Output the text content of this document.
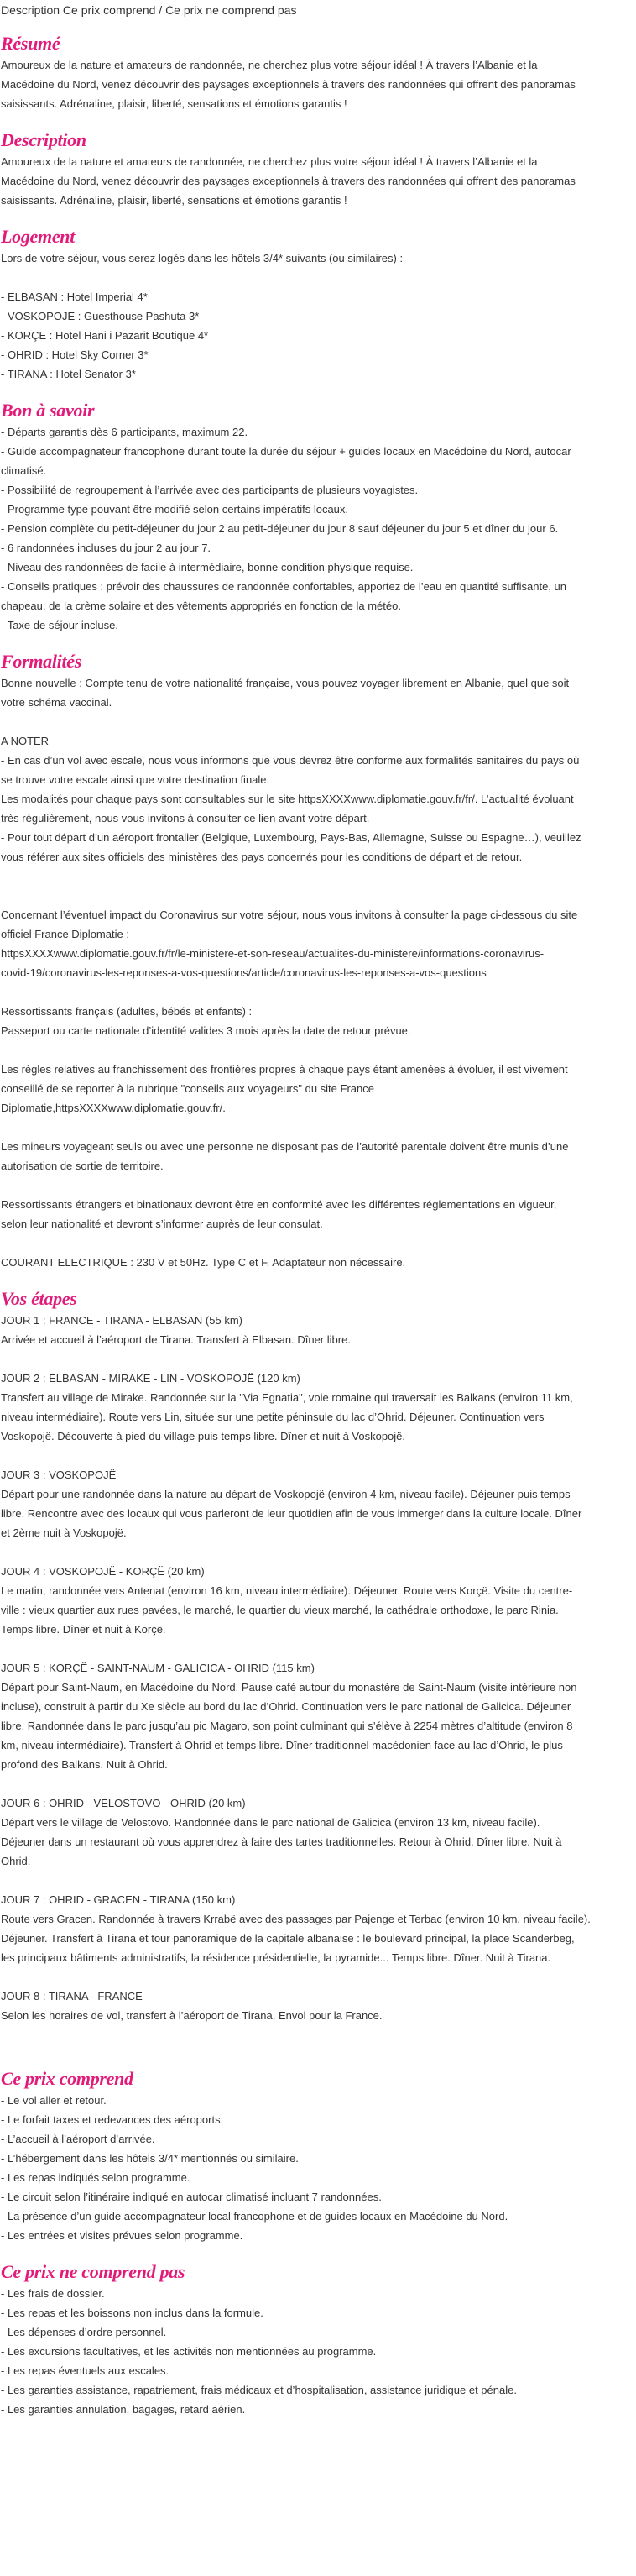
Description Ce prix comprend / Ce prix ne comprend pas
Résumé
Amoureux de la nature et amateurs de randonnée, ne cherchez plus votre séjour idéal ! À travers l’Albanie et la
Macédoine du Nord, venez découvrir des paysages exceptionnels à travers des randonnées qui offrent des panoramas
saisissants. Adrénaline, plaisir, liberté, sensations et émotions garantis !
Description
Amoureux de la nature et amateurs de randonnée, ne cherchez plus votre séjour idéal ! À travers l’Albanie et la
Macédoine du Nord, venez découvrir des paysages exceptionnels à travers des randonnées qui offrent des panoramas
saisissants. Adrénaline, plaisir, liberté, sensations et émotions garantis !
Logement
Lors de votre séjour, vous serez logés dans les hôtels 3/4* suivants (ou similaires) :
- ELBASAN : Hotel Imperial 4*
- VOSKOPOJE : Guesthouse Pashuta 3*
- KORÇE : Hotel Hani i Pazarit Boutique 4*
- OHRID : Hotel Sky Corner 3*
- TIRANA : Hotel Senator 3*
Bon à savoir
- Départs garantis dès 6 participants, maximum 22.
- Guide accompagnateur francophone durant toute la durée du séjour + guides locaux en Macédoine du Nord, autocar
climatisé.
- Possibilité de regroupement à l’arrivée avec des participants de plusieurs voyagistes.
- Programme type pouvant être modifié selon certains impératifs locaux.
- Pension complète du petit-déjeuner du jour 2 au petit-déjeuner du jour 8 sauf déjeuner du jour 5 et dîner du jour 6.
- 6 randonnées incluses du jour 2 au jour 7.
- Niveau des randonnées de facile à intermédiaire, bonne condition physique requise.
- Conseils pratiques : prévoir des chaussures de randonnée confortables, apportez de l’eau en quantité suffisante, un
chapeau, de la crème solaire et des vêtements appropriés en fonction de la météo.
- Taxe de séjour incluse.
Formalités
Bonne nouvelle : Compte tenu de votre nationalité française, vous pouvez voyager librement en Albanie, quel que soit
votre schéma vaccinal.
A NOTER
- En cas d’un vol avec escale, nous vous informons que vous devrez être conforme aux formalités sanitaires du pays où
se trouve votre escale ainsi que votre destination finale.
Les modalités pour chaque pays sont consultables sur le site httpsXXXXwww.diplomatie.gouv.fr/fr/. L’actualité évoluant
très régulièrement, nous vous invitons à consulter ce lien avant votre départ.
- Pour tout départ d’un aéroport frontalier (Belgique, Luxembourg, Pays-Bas, Allemagne, Suisse ou Espagne…), veuillez
vous référer aux sites officiels des ministères des pays concernés pour les conditions de départ et de retour.
Concernant l’éventuel impact du Coronavirus sur votre séjour, nous vous invitons à consulter la page ci-dessous du site
officiel France Diplomatie :
httpsXXXXwww.diplomatie.gouv.fr/fr/le-ministere-et-son-reseau/actualites-du-ministere/informations-coronavirus-
covid-19/coronavirus-les-reponses-a-vos-questions/article/coronavirus-les-reponses-a-vos-questions
Ressortissants français (adultes, bébés et enfants) :
Passeport ou carte nationale d’identité valides 3 mois après la date de retour prévue.
Les règles relatives au franchissement des frontières propres à chaque pays étant amenées à évoluer, il est vivement
conseillé de se reporter à la rubrique "conseils aux voyageurs" du site France
Diplomatie,httpsXXXXwww.diplomatie.gouv.fr/.
Les mineurs voyageant seuls ou avec une personne ne disposant pas de l’autorité parentale doivent être munis d’une
autorisation de sortie de territoire.
Ressortissants étrangers et binationaux devront être en conformité avec les différentes réglementations en vigueur,
selon leur nationalité et devront s’informer auprès de leur consulat.
COURANT ELECTRIQUE : 230 V et 50Hz. Type C et F. Adaptateur non nécessaire.
Vos étapes
JOUR 1 : FRANCE - TIRANA - ELBASAN (55 km)
Arrivée et accueil à l’aéroport de Tirana. Transfert à Elbasan. Dîner libre.
JOUR 2 : ELBASAN - MIRAKE - LIN - VOSKOPOJË (120 km)
Transfert au village de Mirake. Randonnée sur la "Via Egnatia", voie romaine qui traversait les Balkans (environ 11 km,
niveau intermédiaire). Route vers Lin, située sur une petite péninsule du lac d’Ohrid. Déjeuner. Continuation vers
Voskopojë. Découverte à pied du village puis temps libre. Dîner et nuit à Voskopojë.
JOUR 3 : VOSKOPOJË
Départ pour une randonnée dans la nature au départ de Voskopojë (environ 4 km, niveau facile). Déjeuner puis temps
libre. Rencontre avec des locaux qui vous parleront de leur quotidien afin de vous immerger dans la culture locale. Dîner
et 2ème nuit à Voskopojë.
JOUR 4 : VOSKOPOJË - KORÇË (20 km)
Le matin, randonnée vers Antenat (environ 16 km, niveau intermédiaire). Déjeuner. Route vers Korçë. Visite du centre-
ville : vieux quartier aux rues pavées, le marché, le quartier du vieux marché, la cathédrale orthodoxe, le parc Rinia.
Temps libre. Dîner et nuit à Korçë.
JOUR 5 : KORÇË - SAINT-NAUM - GALICICA - OHRID (115 km)
Départ pour Saint-Naum, en Macédoine du Nord. Pause café autour du monastère de Saint-Naum (visite intérieure non
incluse), construit à partir du Xe siècle au bord du lac d’Ohrid. Continuation vers le parc national de Galicica. Déjeuner
libre. Randonnée dans le parc jusqu’au pic Magaro, son point culminant qui s’élève à 2254 mètres d’altitude (environ 8
km, niveau intermédiaire). Transfert à Ohrid et temps libre. Dîner traditionnel macédonien face au lac d’Ohrid, le plus
profond des Balkans. Nuit à Ohrid.
JOUR 6 : OHRID - VELOSTOVO - OHRID (20 km)
Départ vers le village de Velostovo. Randonnée dans le parc national de Galicica (environ 13 km, niveau facile).
Déjeuner dans un restaurant où vous apprendrez à faire des tartes traditionnelles. Retour à Ohrid. Dîner libre. Nuit à
Ohrid.
JOUR 7 : OHRID - GRACEN - TIRANA (150 km)
Route vers Gracen. Randonnée à travers Krrabë avec des passages par Pajenge et Terbac (environ 10 km, niveau facile).
Déjeuner. Transfert à Tirana et tour panoramique de la capitale albanaise : le boulevard principal, la place Scanderbeg,
les principaux bâtiments administratifs, la résidence présidentielle, la pyramide... Temps libre. Dîner. Nuit à Tirana.
JOUR 8 : TIRANA - FRANCE
Selon les horaires de vol, transfert à l’aéroport de Tirana. Envol pour la France.
Ce prix comprend
- Le vol aller et retour.
- Le forfait taxes et redevances des aéroports.
- L’accueil à l’aéroport d’arrivée.
- L’hébergement dans les hôtels 3/4* mentionnés ou similaire.
- Les repas indiqués selon programme.
- Le circuit selon l’itinéraire indiqué en autocar climatisé incluant 7 randonnées.
- La présence d’un guide accompagnateur local francophone et de guides locaux en Macédoine du Nord.
- Les entrées et visites prévues selon programme.
Ce prix ne comprend pas
- Les frais de dossier.
- Les repas et les boissons non inclus dans la formule.
- Les dépenses d’ordre personnel.
- Les excursions facultatives, et les activités non mentionnées au programme.
- Les repas éventuels aux escales.
- Les garanties assistance, rapatriement, frais médicaux et d’hospitalisation, assistance juridique et pénale.
- Les garanties annulation, bagages, retard aérien.
